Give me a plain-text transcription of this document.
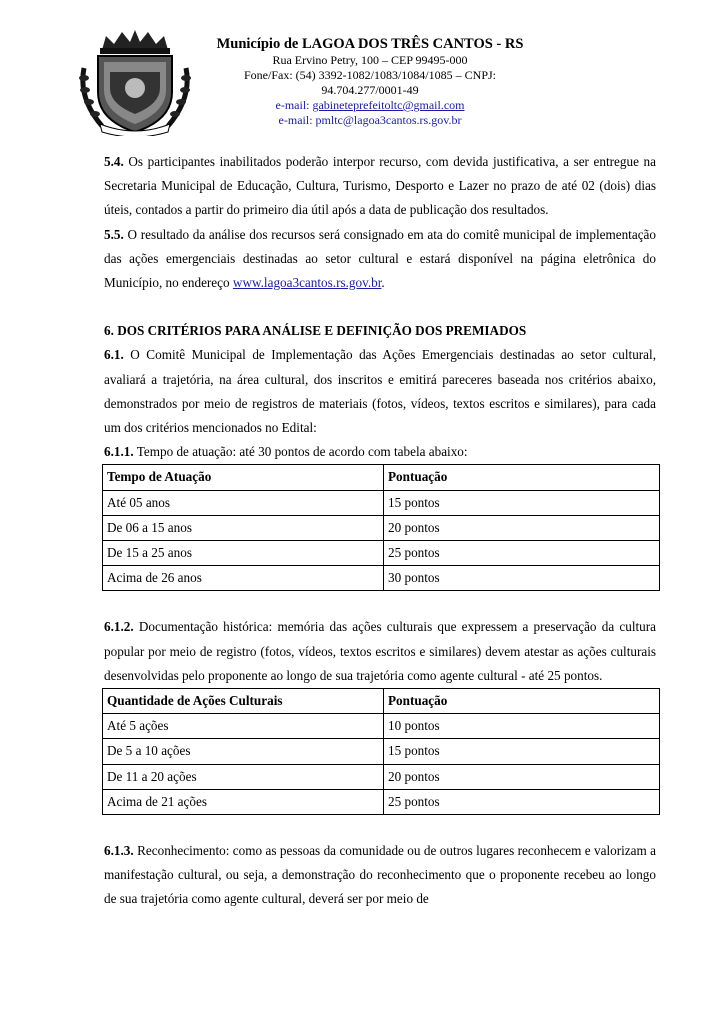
Município de LAGOA DOS TRÊS CANTOS - RS
Rua Ervino Petry, 100 – CEP 99495-000
Fone/Fax: (54) 3392-1082/1083/1084/1085 – CNPJ: 94.704.277/0001-49
e-mail: gabineteprefeitoltc@gmail.com
e-mail: pmltc@lagoa3cantos.rs.gov.br

5.4. Os participantes inabilitados poderão interpor recurso, com devida justificativa, a ser entregue na Secretaria Municipal de Educação, Cultura, Turismo, Desporto e Lazer no prazo de até 02 (dois) dias úteis, contados a partir do primeiro dia útil após a data de publicação dos resultados.

5.5. O resultado da análise dos recursos será consignado em ata do comitê municipal de implementação das ações emergenciais destinadas ao setor cultural e estará disponível na página eletrônica do Município, no endereço www.lagoa3cantos.rs.gov.br.

6. DOS CRITÉRIOS PARA ANÁLISE E DEFINIÇÃO DOS PREMIADOS

6.1. O Comitê Municipal de Implementação das Ações Emergenciais destinadas ao setor cultural, avaliará a trajetória, na área cultural, dos inscritos e emitirá pareceres baseada nos critérios abaixo, demonstrados por meio de registros de materiais (fotos, vídeos, textos escritos e similares), para cada um dos critérios mencionados no Edital:

6.1.1. Tempo de atuação: até 30 pontos de acordo com tabela abaixo:

Tempo de Atuação	Pontuação
Até 05 anos	15 pontos
De 06 a 15 anos	20 pontos
De 15 a 25 anos	25 pontos
Acima de 26 anos	30 pontos

6.1.2. Documentação histórica: memória das ações culturais que expressem a preservação da cultura popular por meio de registro (fotos, vídeos, textos escritos e similares) devem atestar as ações culturais desenvolvidas pelo proponente ao longo de sua trajetória como agente cultural - até 25 pontos.

Quantidade de Ações Culturais	Pontuação
Até 5 ações	10 pontos
De 5 a 10 ações	15 pontos
De 11 a 20 ações	20 pontos
Acima de 21 ações	25 pontos

6.1.3. Reconhecimento: como as pessoas da comunidade ou de outros lugares reconhecem e valorizam a manifestação cultural, ou seja, a demonstração do reconhecimento que o proponente recebeu ao longo de sua trajetória como agente cultural, deverá ser por meio de
